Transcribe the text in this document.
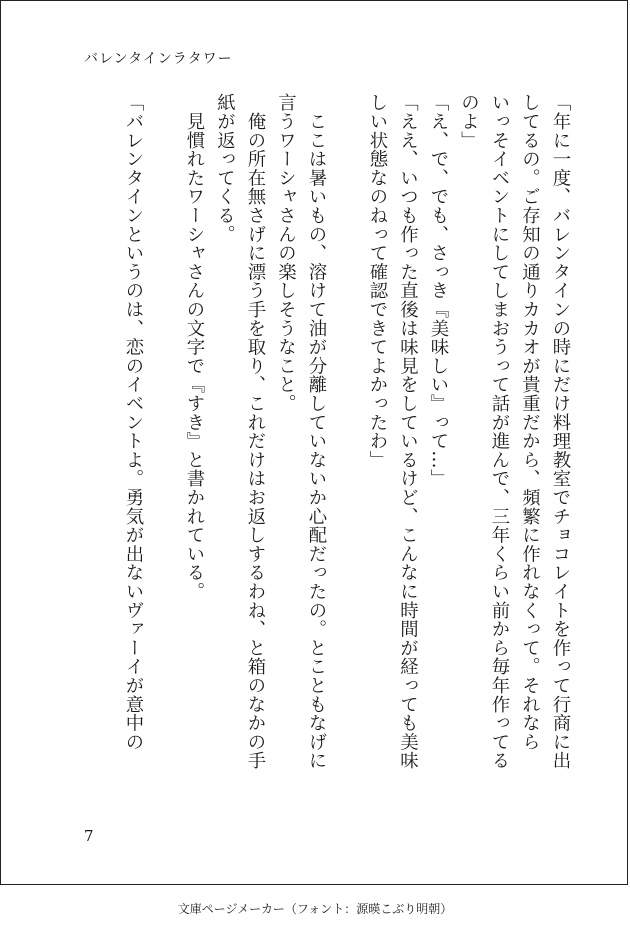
バレンタインラタワー
「年に一度、バレンタインの時にだけ料理教室でチョコレイトを作って行商に出
してるの。ご存知の通りカカオが貴重だから、頻繁に作れなくって。それなら
いっそイベントにしてしまおうって話が進んで、三年くらい前から毎年作ってる
のよ」
「え、で、でも、さっき『美味しい』って…」
「ええ、いつも作った直後は味見をしているけど、こんなに時間が経っても美味
しい状態なのねって確認できてよかったわ」

　ここは暑いもの、溶けて油が分離していないか心配だったの。とこともなげに
言うワーシャさんの楽しそうなこと。
　俺の所在無さげに漂う手を取り、これだけはお返しするわね、と箱のなかの手
紙が返ってくる。
　見慣れたワーシャさんの文字で『すき』と書かれている。

「バレンタインというのは、恋のイベントよ。勇気が出ないヴァーイが意中の
7
文庫ページメーカー（フォント：源暎こぶり明朝）
